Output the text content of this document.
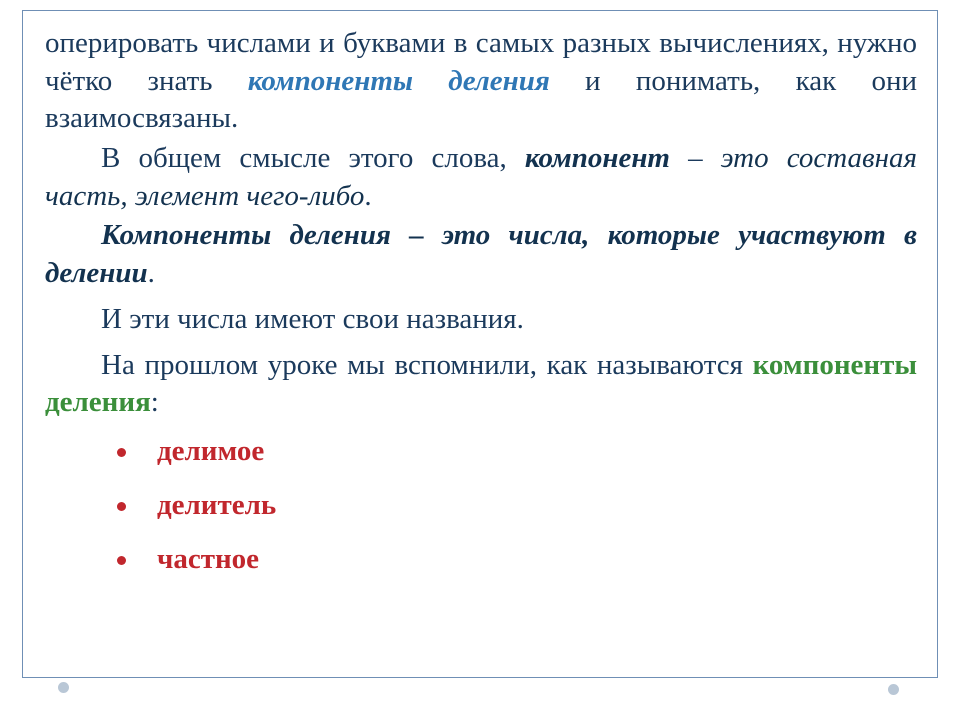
оперировать числами и буквами в самых разных вычислениях, нужно чётко знать компоненты деления и понимать, как они взаимосвязаны.

В общем смысле этого слова, компонент – это составная часть, элемент чего-либо.

Компоненты деления – это числа, которые участвуют в делении.

И эти числа имеют свои названия.

На прошлом уроке мы вспомнили, как называются компоненты деления:

делимое
делитель
частное
